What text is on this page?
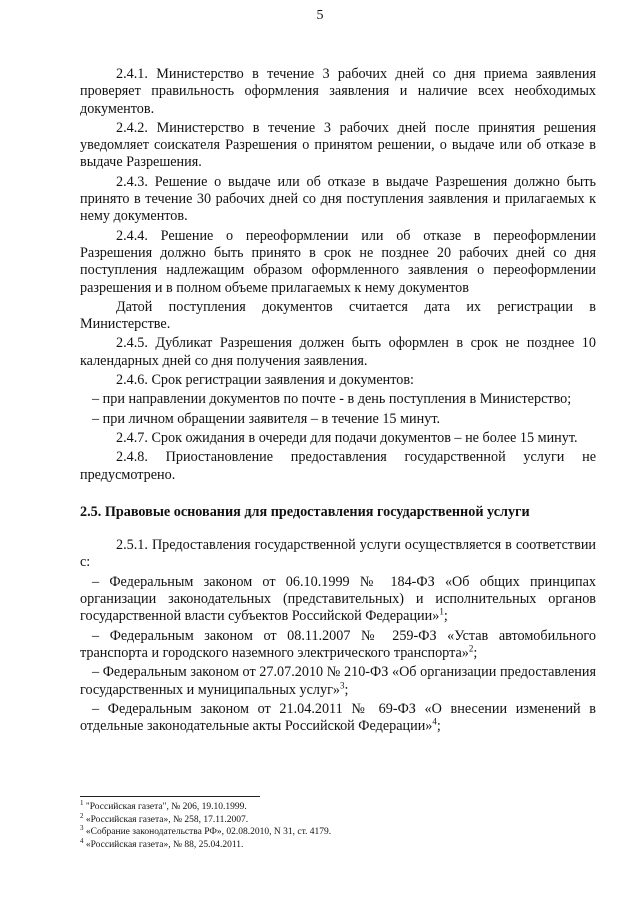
5

2.4.1. Министерство в течение 3 рабочих дней со дня приема заявления проверяет правильность оформления заявления и наличие всех необходимых документов.

2.4.2. Министерство в течение 3 рабочих дней после принятия решения уведомляет соискателя Разрешения о принятом решении, о выдаче или об отказе в выдаче Разрешения.

2.4.3. Решение о выдаче или об отказе в выдаче Разрешения должно быть принято в течение 30 рабочих дней со дня поступления заявления и прилагаемых к нему документов.

2.4.4. Решение о переоформлении или об отказе в переоформлении Разрешения должно быть принято в срок не позднее 20 рабочих дней со дня поступления надлежащим образом оформленного заявления о переоформлении разрешения и в полном объеме прилагаемых к нему документов

Датой поступления документов считается дата их регистрации в Министерстве.

2.4.5. Дубликат Разрешения должен быть оформлен в срок не позднее 10 календарных дней со дня получения заявления.

2.4.6. Срок регистрации заявления и документов:

– при направлении документов по почте - в день поступления в Министерство;

– при личном обращении заявителя – в течение 15 минут.

2.4.7. Срок ожидания в очереди для подачи документов – не более 15 минут.

2.4.8. Приостановление предоставления государственной услуги не предусмотрено.

2.5. Правовые основания для предоставления государственной услуги

2.5.1. Предоставления государственной услуги осуществляется в соответствии с:

– Федеральным законом от 06.10.1999 № 184-ФЗ «Об общих принципах организации законодательных (представительных) и исполнительных органов государственной власти субъектов Российской Федерации»$^1$;

– Федеральным законом от 08.11.2007 № 259-ФЗ «Устав автомобильного транспорта и городского наземного электрического транспорта»$^2$;

– Федеральным законом от 27.07.2010 № 210-ФЗ «Об организации предоставления государственных и муниципальных услуг»$^3$;

– Федеральным законом от 21.04.2011 № 69-ФЗ «О внесении изменений в отдельные законодательные акты Российской Федерации»$^4$;

$^1$ "Российская газета", № 206, 19.10.1999.
$^2$ «Российская газета», № 258, 17.11.2007.
$^3$ «Собрание законодательства РФ», 02.08.2010, N 31, ст. 4179.
$^4$ «Российская газета», № 88, 25.04.2011.
